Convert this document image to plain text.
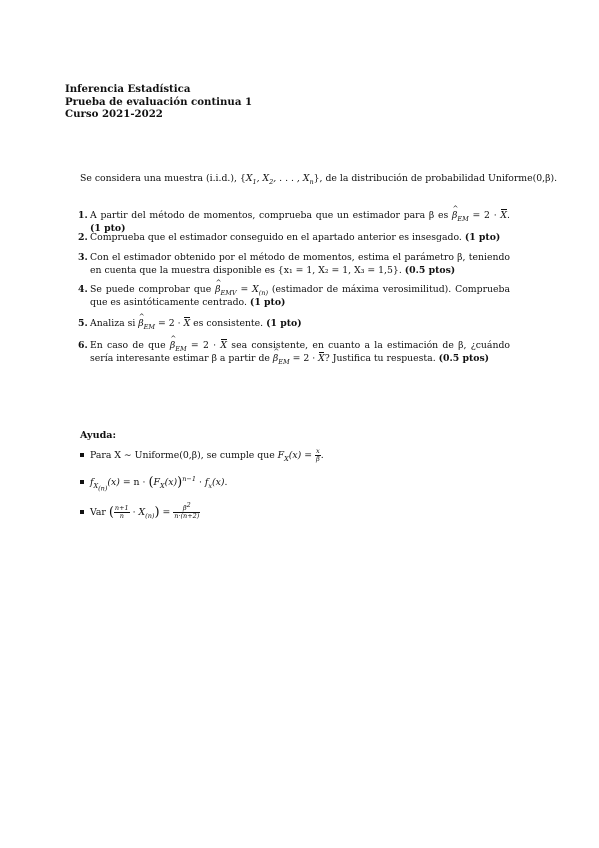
Inferencia Estadística
Prueba de evaluación continua 1
Curso 2021-2022
Se considera una muestra (i.i.d.), {$X_1$, $X_2$, . . . , $X_n$}, de la distribución de probabilidad Uniforme(0,β).
1. A partir del método de momentos, comprueba que un estimador para β es ^ $\beta_{EM} = 2 \cdot X$. (1 pto)
2. Comprueba que el estimador conseguido en el apartado anterior es insesgado. (1 pto)
3. Con el estimador obtenido por el método de momentos, estima el parámetro β, teniendo en cuenta que la muestra disponible es {x₁ = 1, X₂ = 1, X₃ = 1,5}. (0.5 ptos)
4. Se puede comprobar que ^ $\beta_{EMV} = X_{(n)}$ (estimador de máxima verosimilitud). Comprueba que es asintóticamente centrado. (1 pto)
5. Analiza si ^ $\beta_{EM} = 2 \cdot X$ es consistente. (1 pto)
6. En caso de que ^ $\beta_{EM} = 2 \cdot X$ sea consistente, en cuanto a la estimación de β, ¿cuándo sería interesante estimar β a partir de ^ $\beta_{EM} = 2 \cdot X$? Justifica tu respuesta. (0.5 ptos)
Ayuda:
Para X ∼ Uniforme(0,β), se cumple que $F_X(x) = \frac{x}{\beta}$ .
$f_{X_{(n)}}(x) = n \cdot (F_X(x))^{n-1} \cdot f_x(x)$.
Var ( $\frac{n+1}{n} \cdot X_{(n)}) = \frac{\beta^2}{n\cdot(n+2)}$
